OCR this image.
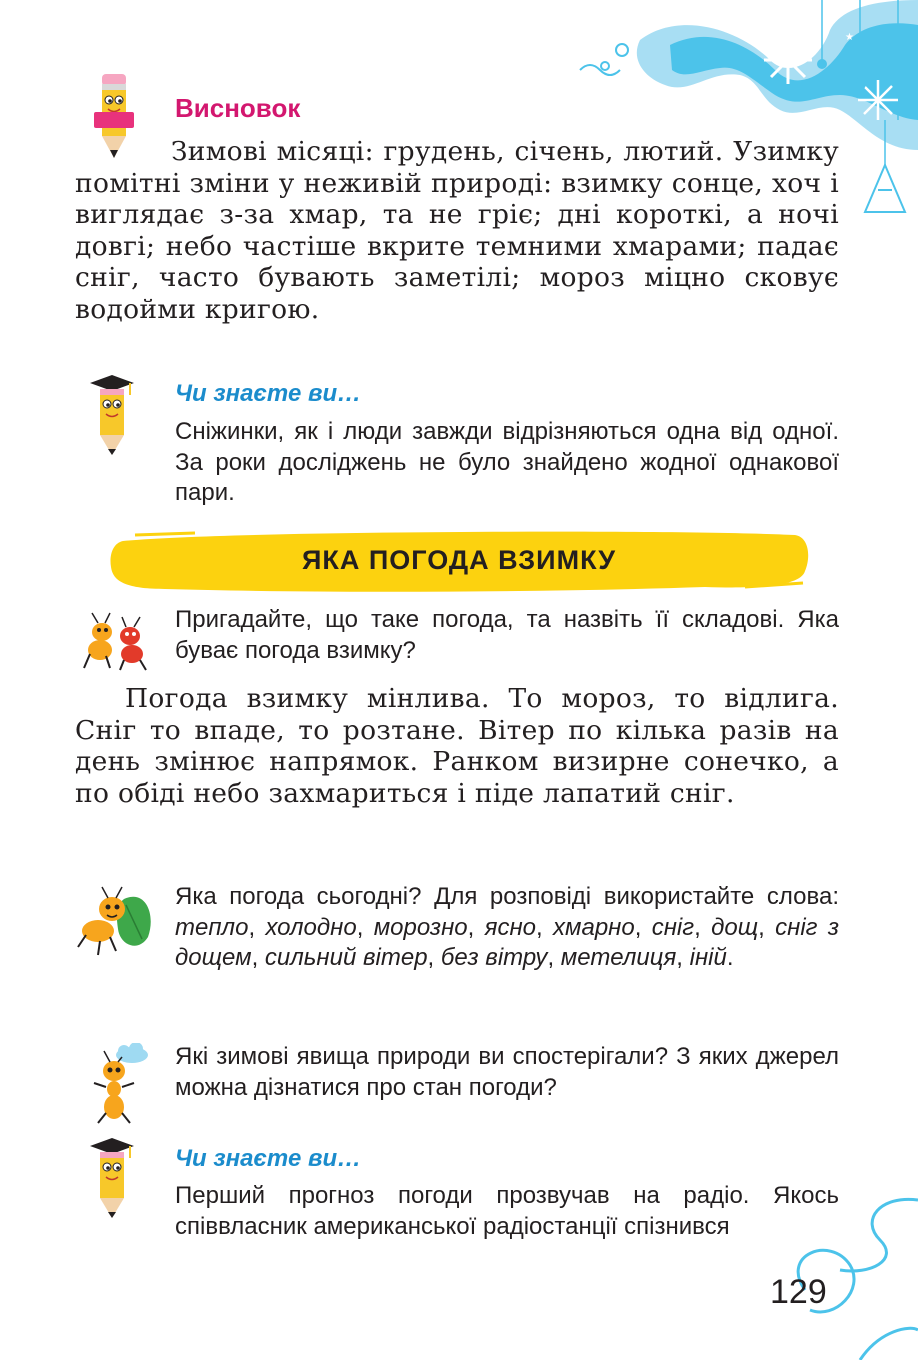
★
★
Висновок

Зимові місяці: грудень, січень, лютий. Узимку помітні зміни у неживій природі: взимку сонце, хоч і виглядає з-за хмар, та не гріє; дні короткі, а ночі довгі; небо частіше вкрите темними хмарами; падає сніг, часто бувають заметілі; мороз міцно сковує водойми кригою.

Чи знаєте ви…

Сніжинки, як і люди завжди відрізняються одна від одної. За роки досліджень не було знайдено жодної однакової пари.

ЯКА ПОГОДА ВЗИМКУ

Пригадайте, що таке погода, та назвіть її складові. Яка буває погода взимку?

Погода взимку мінлива. То мороз, то відлига. Сніг то впаде, то розтане. Вітер по кілька разів на день змінює напрямок. Ранком визирне сонечко, а по обіді небо захмариться і піде лапатий сніг.

Яка погода сьогодні? Для розповіді використайте слова: тепло, холодно, морозно, ясно, хмарно, сніг, дощ, сніг з дощем, сильний вітер, без вітру, метелиця, іній.

Які зимові явища природи ви спостерігали? З яких джерел можна дізнатися про стан погоди?

Чи знаєте ви…

Перший прогноз погоди прозвучав на радіо. Якось співвласник американської радіостанції спізнився

129
